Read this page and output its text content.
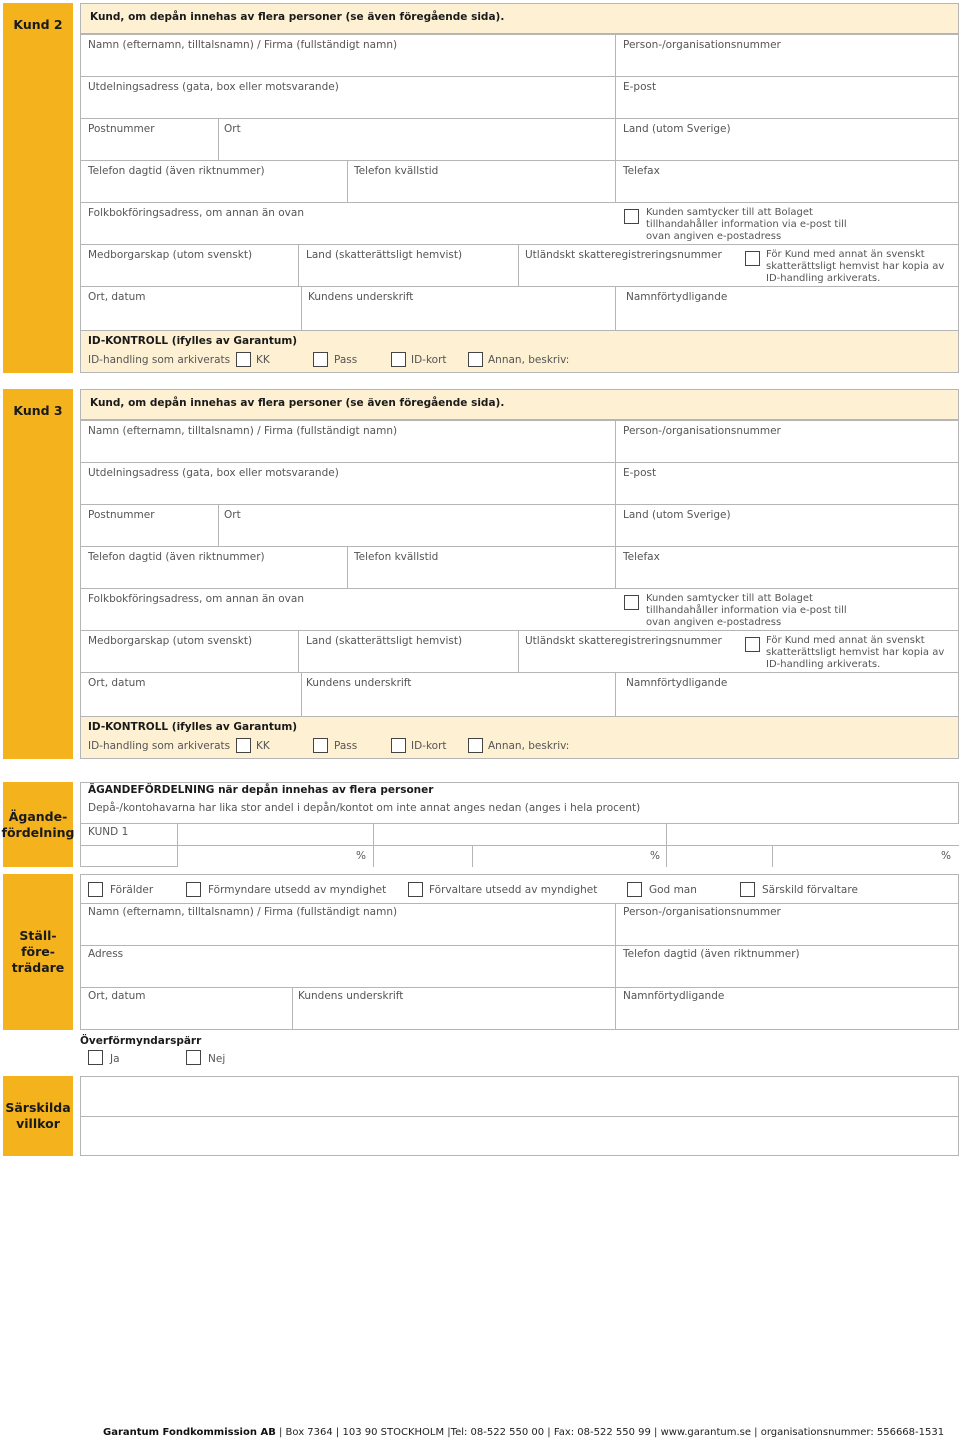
Kund 2	Kund, om depån innehas av flera personer (se även föregående sida).
Namn (efternamn, tilltalsnamn) / Firma (fullständigt namn)	Person-/organisationsnummer
Utdelningsadress (gata, box eller motsvarande)	E-post
Postnummer	Ort	Land (utom Sverige)
Telefon dagtid (även riktnummer)	Telefon kvällstid	Telefax
Folkbokföringsadress, om annan än ovan	Kunden samtycker till att Bolaget tillhandahåller information via e-post till ovan angiven e-postadress
Medborgarskap (utom svenskt)	Land (skatterättsligt hemvist)	Utländskt skatteregistreringsnummer	För Kund med annat än svenskt skatterättsligt hemvist har kopia av ID-handling arkiverats.
Ort, datum	Kundens underskrift	Namnförtydligande
ID-KONTROLL (ifylles av Garantum)
ID-handling som arkiverats KK	Pass	ID-kort	Annan, beskriv:
Kund 3	Kund, om depån innehas av flera personer (se även föregående sida).
Namn (efternamn, tilltalsnamn) / Firma (fullständigt namn)	Person-/organisationsnummer
Utdelningsadress (gata, box eller motsvarande)	E-post
Postnummer	Ort	Land (utom Sverige)
Telefon dagtid (även riktnummer)	Telefon kvällstid	Telefax
Folkbokföringsadress, om annan än ovan	Kunden samtycker till att Bolaget tillhandahåller information via e-post till ovan angiven e-postadress
Medborgarskap (utom svenskt)	Land (skatterättsligt hemvist)	Utländskt skatteregistreringsnummer	För Kund med annat än svenskt skatterättsligt hemvist har kopia av ID-handling arkiverats.
Ort, datum	Kundens underskrift	Namnförtydligande
ID-KONTROLL (ifylles av Garantum)
ID-handling som arkiverats KK	Pass	ID-kort	Annan, beskriv:
Ägande-
fördelning
ÄGANDEFÖRDELNING när depån innehas av flera personer
Depå-/kontohavarna har lika stor andel i depån/kontot om inte annat anges nedan (anges i hela procent)
KUND 1
%	%	%
Ställ-
före-
trädare
Förälder	Förmyndare utsedd av myndighet	Förvaltare utsedd av myndighet	God man	Särskild förvaltare
Namn (efternamn, tilltalsnamn) / Firma (fullständigt namn)	Person-/organisationsnummer
Adress	Telefon dagtid (även riktnummer)
Ort, datum	Kundens underskrift	Namnförtydligande
Överförmyndarspärr
Ja	Nej
Särskilda
villkor
Garantum Fondkommission AB | Box 7364 | 103 90 STOCKHOLM |Tel: 08-522 550 00 | Fax: 08-522 550 99 | www.garantum.se | organisationsnummer: 556668-1531
